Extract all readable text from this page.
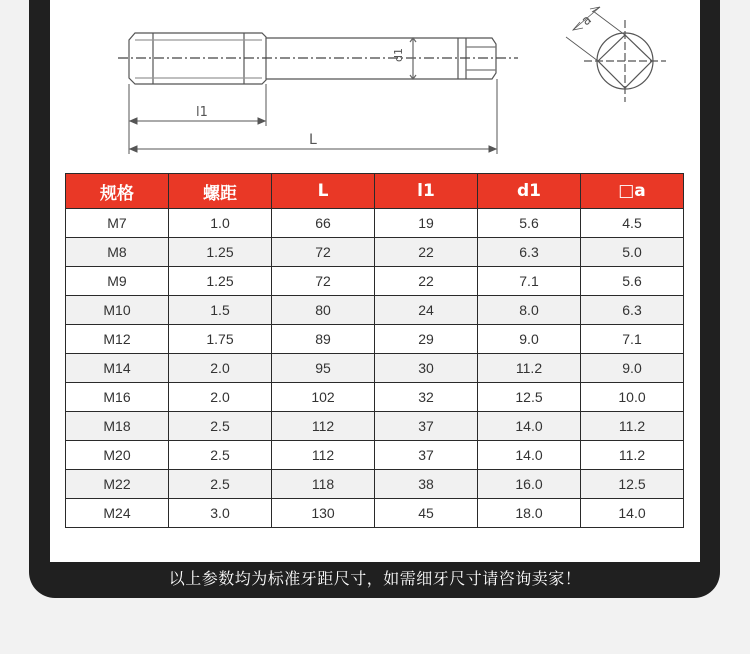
d1
l1
L
a
规格	螺距	L	l1	d1	□a
M7	1.0	66	19	5.6	4.5
M8	1.25	72	22	6.3	5.0
M9	1.25	72	22	7.1	5.6
M10	1.5	80	24	8.0	6.3
M12	1.75	89	29	9.0	7.1
M14	2.0	95	30	11.2	9.0
M16	2.0	102	32	12.5	10.0
M18	2.5	112	37	14.0	11.2
M20	2.5	112	37	14.0	11.2
M22	2.5	118	38	16.0	12.5
M24	3.0	130	45	18.0	14.0
以上参数均为标准牙距尺寸，如需细牙尺寸请咨询卖家！
